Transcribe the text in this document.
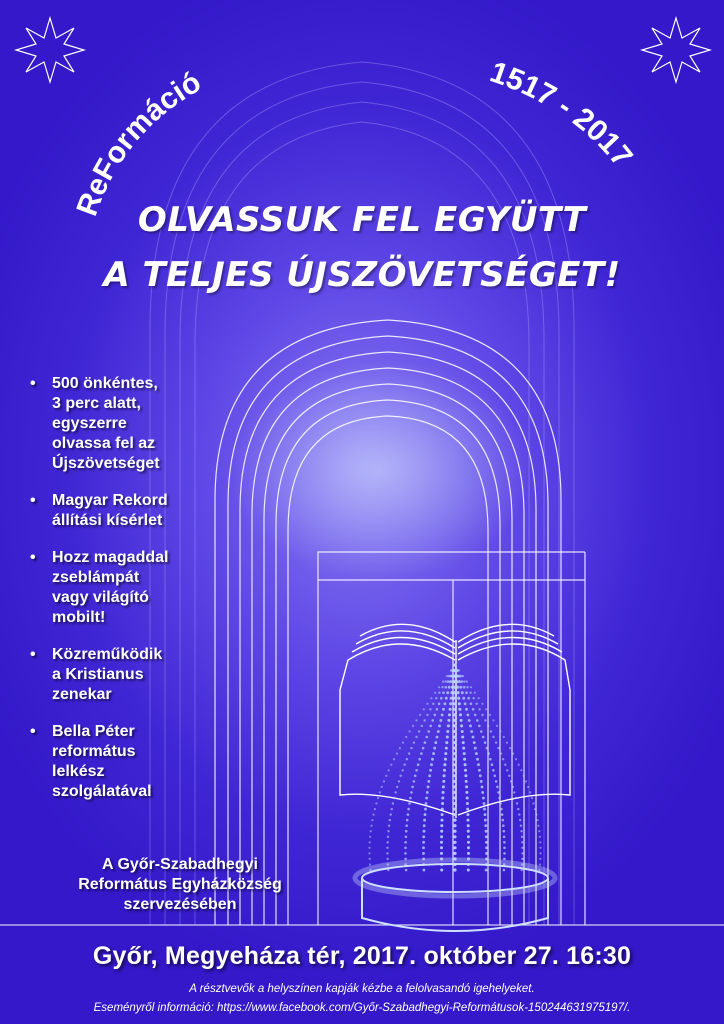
ReFormáció	1517 - 2017
OLVASSUK FEL EGYÜTT
A TELJES ÚJSZÖVETSÉGET!
• 500 önkéntes,
3 perc alatt,
egyszerre
olvassa fel az
Újszövetséget
• Magyar Rekord
állítási kísérlet
• Hozz magaddal
zseblámpát
vagy világító
mobilt!
• Közreműködik
a Kristianus
zenekar
• Bella Péter
református
lelkész
szolgálatával
A Győr-Szabadhegyi
Református Egyházközség
szervezésében
Győr, Megyeháza tér, 2017. október 27. 16:30
A résztvevők a helyszínen kapják kézbe a felolvasandó igehelyeket.
Eseményről információ: https://www.facebook.com/Győr-Szabadhegyi-Reformátusok-150244631975197/.
